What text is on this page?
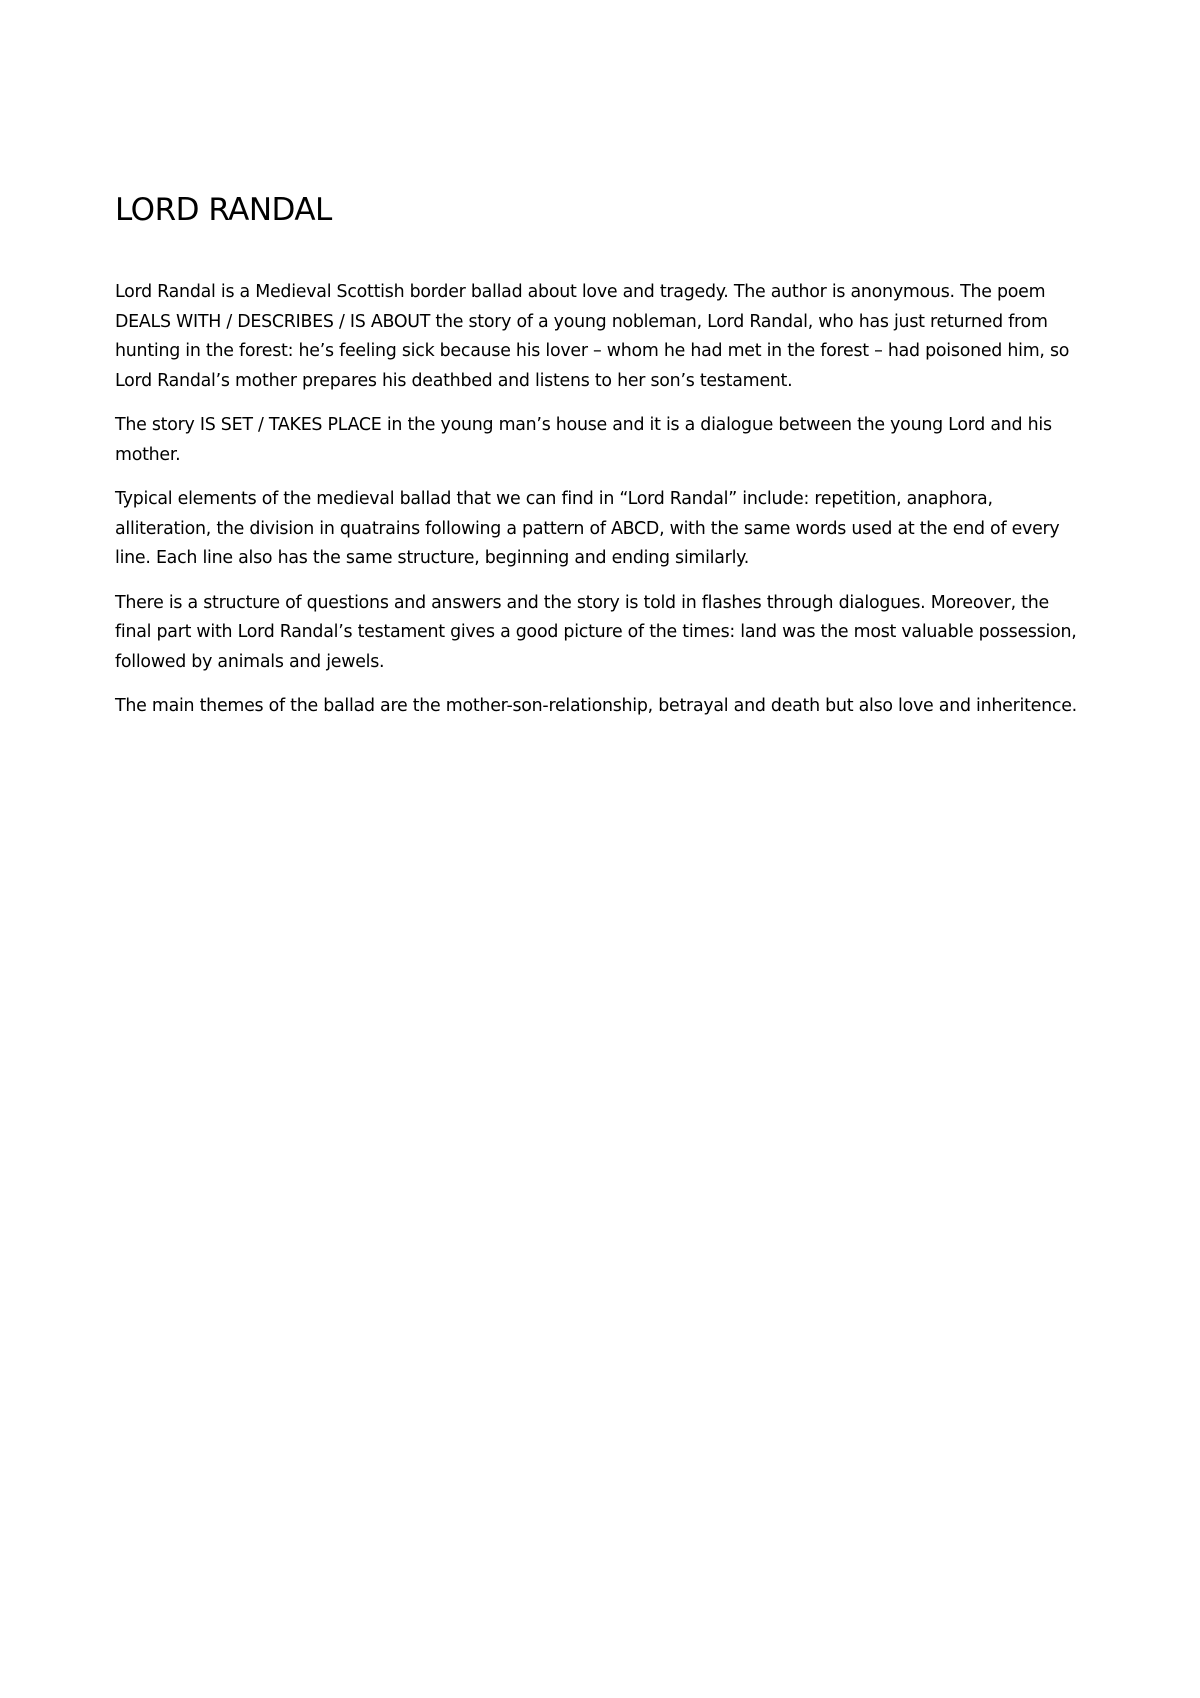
LORD RANDAL

Lord Randal is a Medieval Scottish border ballad about love and tragedy. The author is anonymous. The poem DEALS WITH / DESCRIBES / IS ABOUT the story of a young nobleman, Lord Randal, who has just returned from hunting in the forest: he’s feeling sick because his lover – whom he had met in the forest – had poisoned him, so Lord Randal’s mother prepares his deathbed and listens to her son’s testament.

The story IS SET / TAKES PLACE in the young man’s house and it is a dialogue between the young Lord and his mother.

Typical elements of the medieval ballad that we can find in “Lord Randal” include: repetition, anaphora, alliteration, the division in quatrains following a pattern of ABCD, with the same words used at the end of every line. Each line also has the same structure, beginning and ending similarly.

There is a structure of questions and answers and the story is told in flashes through dialogues. Moreover, the final part with Lord Randal’s testament gives a good picture of the times: land was the most valuable possession, followed by animals and jewels.

The main themes of the ballad are the mother-son-relationship, betrayal and death but also love and inheritence.
